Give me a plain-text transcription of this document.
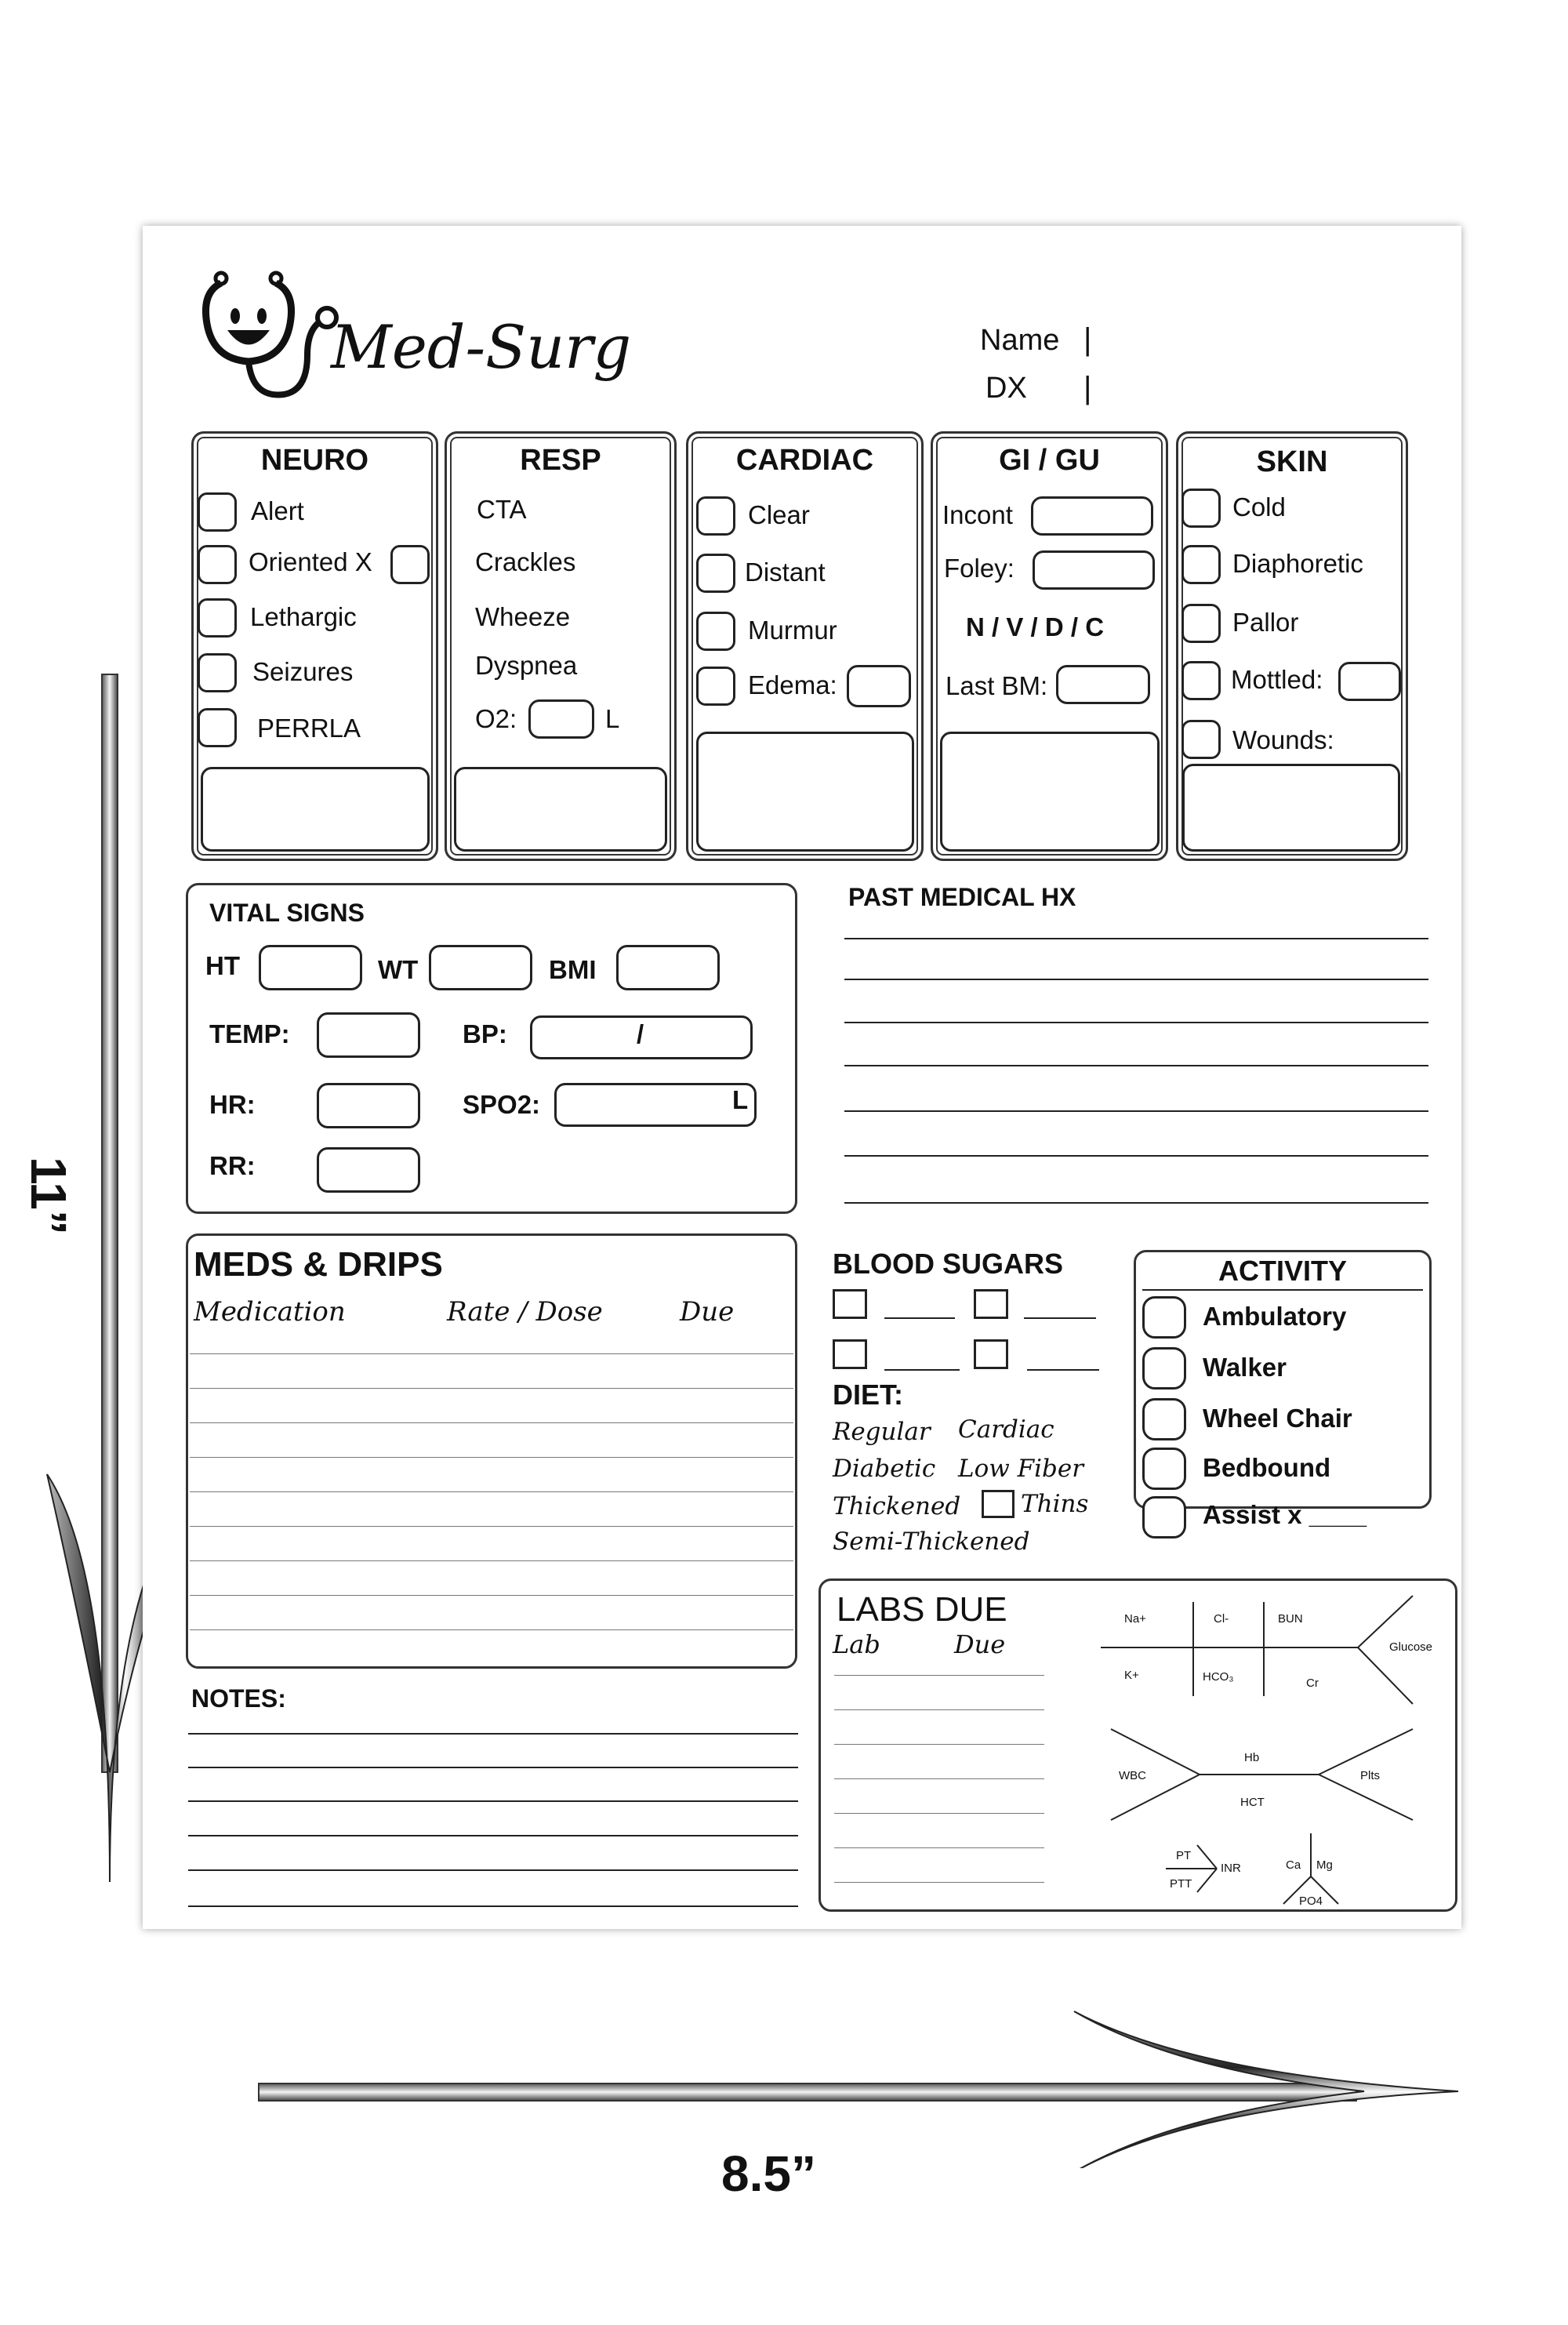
11”
8.5”
Med-Surg	Name |
DX |
NEURO
Alert
Oriented X
Lethargic
Seizures
PERRLA
RESP
CTA
Crackles
Wheeze
Dyspnea
O2:	L
CARDIAC
Clear
Distant
Murmur
Edema:
GI / GU
Incont
Foley:
N / V / D / C
Last BM:
SKIN
Cold
Diaphoretic
Pallor
Mottled:
Wounds:
VITAL SIGNS
HT	WT	BMI
TEMP:	BP:	/
HR:	SPO2:	L
RR:
PAST MEDICAL HX
MEDS & DRIPS
Medication	Rate / Dose	Due
NOTES:
BLOOD SUGARS
DIET:
Regular Cardiac
Diabetic Low Fiber
Thickened Thins
Semi-Thickened
ACTIVITY
Ambulatory
Walker
Wheel Chair
Bedbound
Assist x ____
LABS DUE
Lab	Due
Na+	Cl-	BUN
Glucose
K+	HCO₃	Cr
WBC
Hb
HCT
Plts
PT
PTT
INR	Ca Mg
PO4
